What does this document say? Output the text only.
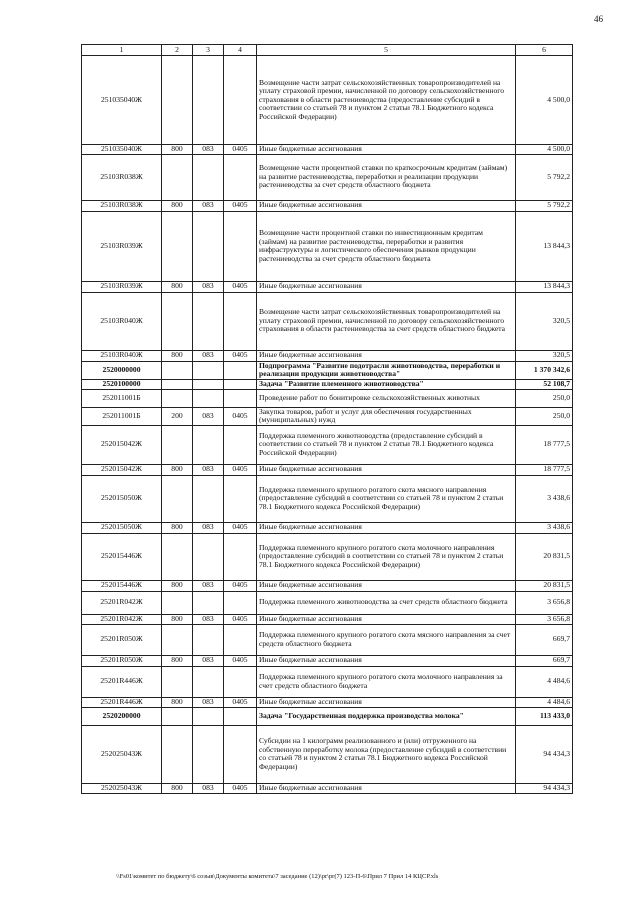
46
1	2	3	4	5	6
251035040Ж				Возмещение части затрат сельскохозяйственных товаропроизводителей на уплату страховой премии, начисленной по договору сельскохозяйственного страхования в области растениеводства (предоставление субсидий в соответствии со статьей 78 и пунктом 2 статьи 78.1 Бюджетного кодекса Российской Федерации)	4 500,0
251035040Ж	800	083	0405	Иные бюджетные ассигнования	4 500,0
25103R038Ж				Возмещение части процентной ставки по краткосрочным кредитам (займам) на развитие растениеводства, переработки и реализации продукции растениеводства за счет средств областного бюджета	5 792,2
25103R038Ж	800	083	0405	Иные бюджетные ассигнования	5 792,2
25103R039Ж				Возмещение части процентной ставки по инвестиционным кредитам (займам) на развитие растениеводства, переработки и развития инфраструктуры и логистического обеспечения рынков продукции растениеводства за счет средств областного бюджета	13 844,3
25103R039Ж	800	083	0405	Иные бюджетные ассигнования	13 844,3
25103R040Ж				Возмещение части затрат сельскохозяйственных товаропроизводителей на уплату страховой премии, начисленной по договору сельскохозяйственного страхования в области растениеводства за счет средств областного бюджета	320,5
25103R040Ж	800	083	0405	Иные бюджетные ассигнования	320,5
2520000000				Подпрограмма "Развитие подотрасли животноводства, переработки и реализации продукции животноводства"	1 370 342,6
2520100000				Задача "Развитие племенного животноводства"	52 108,7
252011001Б				Проведение работ по бонитировке сельскохозяйственных животных	250,0
252011001Б	200	083	0405	Закупка товаров, работ и услуг для обеспечения государственных (муниципальных) нужд	250,0
252015042Ж				Поддержка племенного животноводства (предоставление субсидий в соответствии со статьей 78 и пунктом 2 статьи 78.1 Бюджетного кодекса Российской Федерации)	18 777,5
252015042Ж	800	083	0405	Иные бюджетные ассигнования	18 777,5
252015050Ж				Поддержка племенного крупного рогатого скота мясного направления (предоставление субсидий в соответствии со статьей 78 и пунктом 2 статьи 78.1 Бюджетного кодекса Российской Федерации)	3 438,6
252015050Ж	800	083	0405	Иные бюджетные ассигнования	3 438,6
252015446Ж				Поддержка племенного крупного рогатого скота молочного направления (предоставление субсидий в соответствии со статьей 78 и пунктом 2 статьи 78.1 Бюджетного кодекса Российской Федерации)	20 831,5
252015446Ж	800	083	0405	Иные бюджетные ассигнования	20 831,5
25201R042Ж				Поддержка племенного животноводства за счет средств областного бюджета	3 656,8
25201R042Ж	800	083	0405	Иные бюджетные ассигнования	3 656,8
25201R050Ж				Поддержка племенного крупного рогатого скота мясного направления за счет средств областного бюджета	669,7
25201R050Ж	800	083	0405	Иные бюджетные ассигнования	669,7
25201R446Ж				Поддержка племенного крупного рогатого скота молочного направления за счет средств областного бюджета	4 484,6
25201R446Ж	800	083	0405	Иные бюджетные ассигнования	4 484,6
2520200000				Задача "Государственная поддержка производства молока"	113 433,0
252025043Ж				Субсидии на 1 килограмм реализованного и (или) отгруженного на собственную переработку молока (предоставление субсидий в соответствии со статьей 78 и пунктом 2 статьи 78.1 Бюджетного кодекса Российской Федерации)	94 434,3
252025043Ж	800	083	0405	Иные бюджетные ассигнования	94 434,3
\\Fs01\комитет по бюджету\6 созыв\Документы комитета\7 заседание (12)\pr\pr(7) 123-П-6\Прил 7 Прил 14 КЦСР.xls
